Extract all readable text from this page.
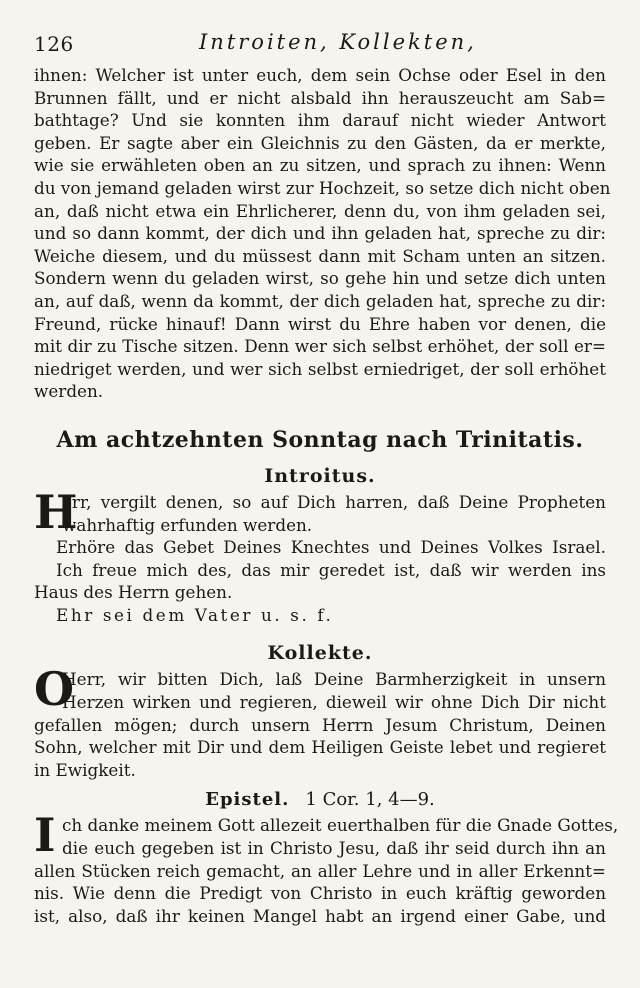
126	Introiten, Kollekten,
ihnen: Welcher ist unter euch, dem sein Ochse oder Esel in den
Brunnen fällt, und er nicht alsbald ihn herauszeucht am Sab=
bathtage? Und sie konnten ihm darauf nicht wieder Antwort
geben. Er sagte aber ein Gleichnis zu den Gästen, da er merkte,
wie sie erwähleten oben an zu sitzen, und sprach zu ihnen: Wenn
du von jemand geladen wirst zur Hochzeit, so setze dich nicht oben
an, daß nicht etwa ein Ehrlicherer, denn du, von ihm geladen sei,
und so dann kommt, der dich und ihn geladen hat, spreche zu dir:
Weiche diesem, und du müssest dann mit Scham unten an sitzen.
Sondern wenn du geladen wirst, so gehe hin und setze dich unten
an, auf daß, wenn da kommt, der dich geladen hat, spreche zu dir:
Freund, rücke hinauf! Dann wirst du Ehre haben vor denen, die
mit dir zu Tische sitzen. Denn wer sich selbst erhöhet, der soll er=
niedriget werden, und wer sich selbst erniedriget, der soll erhöhet
werden.
Am achtzehnten Sonntag nach Trinitatis.
Introitus.
H
err, vergilt denen, so auf Dich harren, daß Deine Propheten
wahrhaftig erfunden werden.
Erhöre das Gebet Deines Knechtes und Deines Volkes Israel.
Ich freue mich des, das mir geredet ist, daß wir werden ins
Haus des Herrn gehen.
Ehr sei dem Vater u. s. f.
Kollekte.
O
Herr, wir bitten Dich, laß Deine Barmherzigkeit in unsern
Herzen wirken und regieren, dieweil wir ohne Dich Dir nicht
gefallen mögen; durch unsern Herrn Jesum Christum, Deinen
Sohn, welcher mit Dir und dem Heiligen Geiste lebet und regieret
in Ewigkeit.
Epistel. 1 Cor. 1, 4—9.
I ch danke meinem Gott allezeit euerthalben für die Gnade Gottes,
die euch gegeben ist in Christo Jesu, daß ihr seid durch ihn an
allen Stücken reich gemacht, an aller Lehre und in aller Erkennt=
nis. Wie denn die Predigt von Christo in euch kräftig geworden
ist, also, daß ihr keinen Mangel habt an irgend einer Gabe, und
